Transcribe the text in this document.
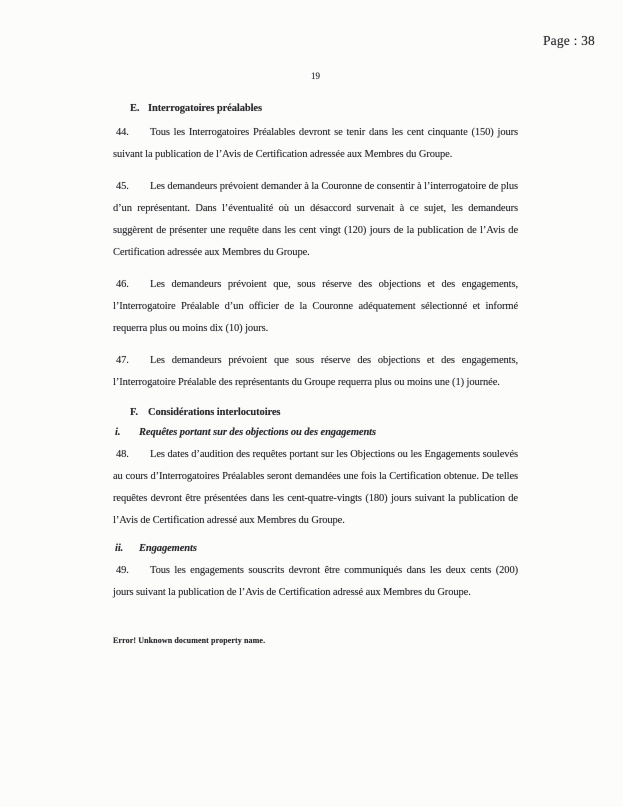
Page : 38
19
E. Interrogatoires préalables

44. Tous les Interrogatoires Préalables devront se tenir dans les cent cinquante (150) jours suivant la publication de l’Avis de Certification adressée aux Membres du Groupe.

45. Les demandeurs prévoient demander à la Couronne de consentir à l’interrogatoire de plus d’un représentant. Dans l’éventualité où un désaccord survenait à ce sujet, les demandeurs suggèrent de présenter une requête dans les cent vingt (120) jours de la publication de l’Avis de Certification adressée aux Membres du Groupe.

46. Les demandeurs prévoient que, sous réserve des objections et des engagements, l’Interrogatoire Préalable d’un officier de la Couronne adéquatement sélectionné et informé requerra plus ou moins dix (10) jours.

47. Les demandeurs prévoient que sous réserve des objections et des engagements, l’Interrogatoire Préalable des représentants du Groupe requerra plus ou moins une (1) journée.

F. Considérations interlocutoires
i. Requêtes portant sur des objections ou des engagements

48. Les dates d’audition des requêtes portant sur les Objections ou les Engagements soulevés au cours d’Interrogatoires Préalables seront demandées une fois la Certification obtenue. De telles requêtes devront être présentées dans les cent-quatre-vingts (180) jours suivant la publication de l’Avis de Certification adressé aux Membres du Groupe.

ii. Engagements

49. Tous les engagements souscrits devront être communiqués dans les deux cents (200) jours suivant la publication de l’Avis de Certification adressé aux Membres du Groupe.

Error! Unknown document property name.
